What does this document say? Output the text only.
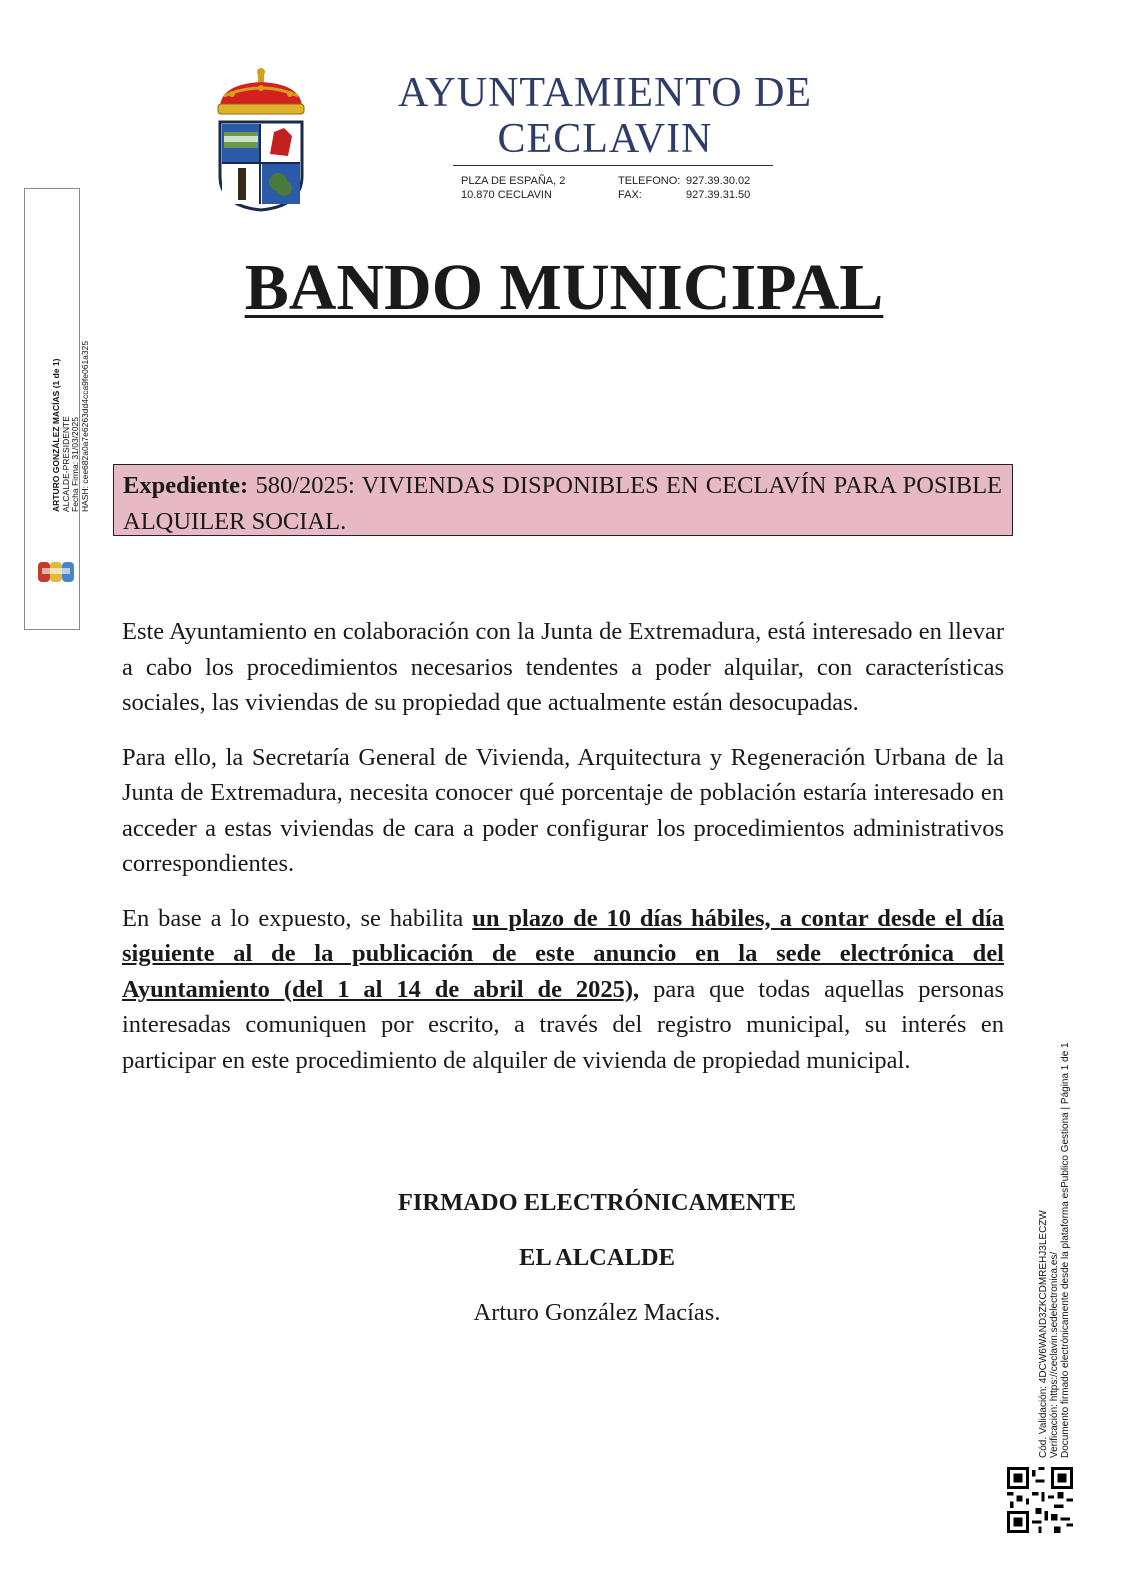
ARTURO GONZÁLEZ MACÍAS (1 de 1) ALCALDE-PRESIDENTE Fecha Firma: 31/03/2025 HASH: cee682a0a7e6263dd4cca9fe061a325
AYUNTAMIENTO DE
CECLAVIN
PLZA DE ESPAÑA, 2
10.870 CECLAVIN
TELEFONO: 927.39.30.02
FAX:	927.39.31.50
BANDO MUNICIPAL
Expediente: 580/2025: VIVIENDAS DISPONIBLES EN CECLAVÍN PARA POSIBLE ALQUILER SOCIAL.

Este Ayuntamiento en colaboración con la Junta de Extremadura, está interesado en llevar a cabo los procedimientos necesarios tendentes a poder alquilar, con características sociales, las viviendas de su propiedad que actualmente están desocupadas.

Para ello, la Secretaría General de Vivienda, Arquitectura y Regeneración Urbana de la Junta de Extremadura, necesita conocer qué porcentaje de población estaría interesado en acceder a estas viviendas de cara a poder configurar los procedimientos administrativos correspondientes.

En base a lo expuesto, se habilita un plazo de 10 días hábiles, a contar desde el día siguiente al de la publicación de este anuncio en la sede electrónica del Ayuntamiento (del 1 al 14 de abril de 2025), para que todas aquellas personas interesadas comuniquen por escrito, a través del registro municipal, su interés en participar en este procedimiento de alquiler de vivienda de propiedad municipal.

FIRMADO ELECTRÓNICAMENTE
EL ALCALDE
Arturo González Macías.	Cód. Validación: 4DCW6WAND3ZKCDMREHJ3LECZW Verificación: https://ceclavin.sedelectronica.es/ Documento firmado electrónicamente desde la plataforma esPublico Gestiona | Página 1 de 1
